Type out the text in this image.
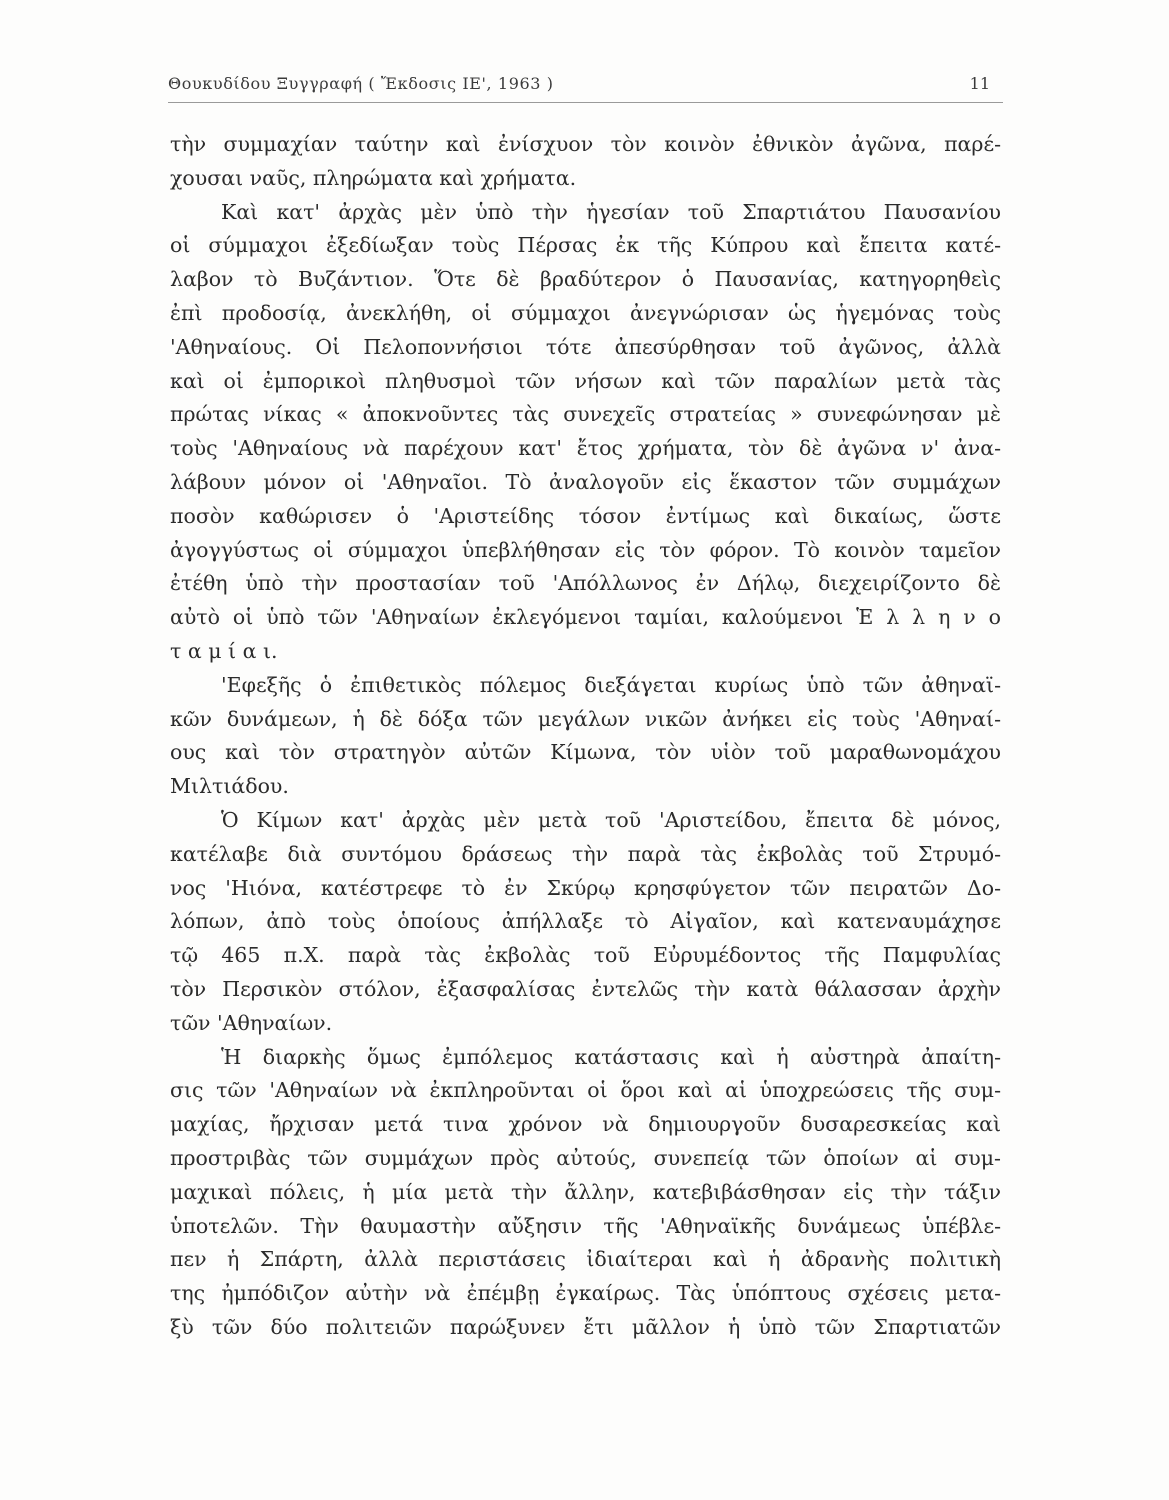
Θουκυδίδου Ξυγγραφή ( Ἔκδοσις ΙΕ', 1963 )	11
τὴν συμμαχίαν ταύτην καὶ ἐνίσχυον τὸν κοινὸν ἐθνικὸν ἀγῶνα, παρέ-
χουσαι ναῦς, πληρώματα καὶ χρήματα.
Καὶ κατ' ἀρχὰς μὲν ὑπὸ τὴν ἡγεσίαν τοῦ Σπαρτιάτου Παυσανίου
οἱ σύμμαχοι ἐξεδίωξαν τοὺς Πέρσας ἐκ τῆς Κύπρου καὶ ἔπειτα κατέ-
λαβον τὸ Βυζάντιον. Ὅτε δὲ βραδύτερον ὁ Παυσανίας, κατηγορηθεὶς
ἐπὶ προδοσίᾳ, ἀνεκλήθη, οἱ σύμμαχοι ἀνεγνώρισαν ὡς ἡγεμόνας τοὺς
'Αθηναίους. Οἱ Πελοποννήσιοι τότε ἀπεσύρθησαν τοῦ ἀγῶνος, ἀλλὰ
καὶ οἱ ἐμπορικοὶ πληθυσμοὶ τῶν νήσων καὶ τῶν παραλίων μετὰ τὰς
πρώτας νίκας « ἀποκνοῦντες τὰς συνεχεῖς στρατείας » συνεφώνησαν μὲ
τοὺς 'Αθηναίους νὰ παρέχουν κατ' ἔτος χρήματα, τὸν δὲ ἀγῶνα ν' ἀνα-
λάβουν μόνον οἱ 'Αθηναῖοι. Τὸ ἀναλογοῦν εἰς ἕκαστον τῶν συμμάχων
ποσὸν καθώρισεν ὁ 'Αριστείδης τόσον ἐντίμως καὶ δικαίως, ὥστε
ἀγογγύστως οἱ σύμμαχοι ὑπεβλήθησαν εἰς τὸν φόρον. Τὸ κοινὸν ταμεῖον
ἐτέθη ὑπὸ τὴν προστασίαν τοῦ 'Απόλλωνος ἐν Δήλῳ, διεχειρίζοντο δὲ
αὐτὸ οἱ ὑπὸ τῶν 'Αθηναίων ἐκλεγόμενοι ταμίαι, καλούμενοι Ἑ λ λ η ν ο
τ α μ ί α ι.
'Εφεξῆς ὁ ἐπιθετικὸς πόλεμος διεξάγεται κυρίως ὑπὸ τῶν ἀθηναϊ-
κῶν δυνάμεων, ἡ δὲ δόξα τῶν μεγάλων νικῶν ἀνήκει εἰς τοὺς 'Αθηναί-
ους καὶ τὸν στρατηγὸν αὐτῶν Κίμωνα, τὸν υἱὸν τοῦ μαραθωνομάχου
Μιλτιάδου.
Ὁ Κίμων κατ' ἀρχὰς μὲν μετὰ τοῦ 'Αριστείδου, ἔπειτα δὲ μόνος,
κατέλαβε διὰ συντόμου δράσεως τὴν παρὰ τὰς ἐκβολὰς τοῦ Στρυμό-
νος 'Ηιόνα, κατέστρεφε τὸ ἐν Σκύρῳ κρησφύγετον τῶν πειρατῶν Δο-
λόπων, ἀπὸ τοὺς ὁποίους ἀπήλλαξε τὸ Αἰγαῖον, καὶ κατεναυμάχησε
τῷ 465 π.Χ. παρὰ τὰς ἐκβολὰς τοῦ Εὐρυμέδοντος τῆς Παμφυλίας
τὸν Περσικὸν στόλον, ἐξασφαλίσας ἐντελῶς τὴν κατὰ θάλασσαν ἀρχὴν
τῶν 'Αθηναίων.
Ἡ διαρκὴς ὅμως ἐμπόλεμος κατάστασις καὶ ἡ αὐστηρὰ ἀπαίτη-
σις τῶν 'Αθηναίων νὰ ἐκπληροῦνται οἱ ὅροι καὶ αἱ ὑποχρεώσεις τῆς συμ-
μαχίας, ἤρχισαν μετά τινα χρόνον νὰ δημιουργοῦν δυσαρεσκείας καὶ
προστριβὰς τῶν συμμάχων πρὸς αὐτούς, συνεπείᾳ τῶν ὁποίων αἱ συμ-
μαχικαὶ πόλεις, ἡ μία μετὰ τὴν ἄλλην, κατεβιβάσθησαν εἰς τὴν τάξιν
ὑποτελῶν. Τὴν θαυμαστὴν αὔξησιν τῆς 'Αθηναϊκῆς δυνάμεως ὑπέβλε-
πεν ἡ Σπάρτη, ἀλλὰ περιστάσεις ἰδιαίτεραι καὶ ἡ ἀδρανὴς πολιτικὴ
της ἠμπόδιζον αὐτὴν νὰ ἐπέμβῃ ἐγκαίρως. Τὰς ὑπόπτους σχέσεις μετα-
ξὺ τῶν δύο πολιτειῶν παρώξυνεν ἔτι μᾶλλον ἡ ὑπὸ τῶν Σπαρτιατῶν
